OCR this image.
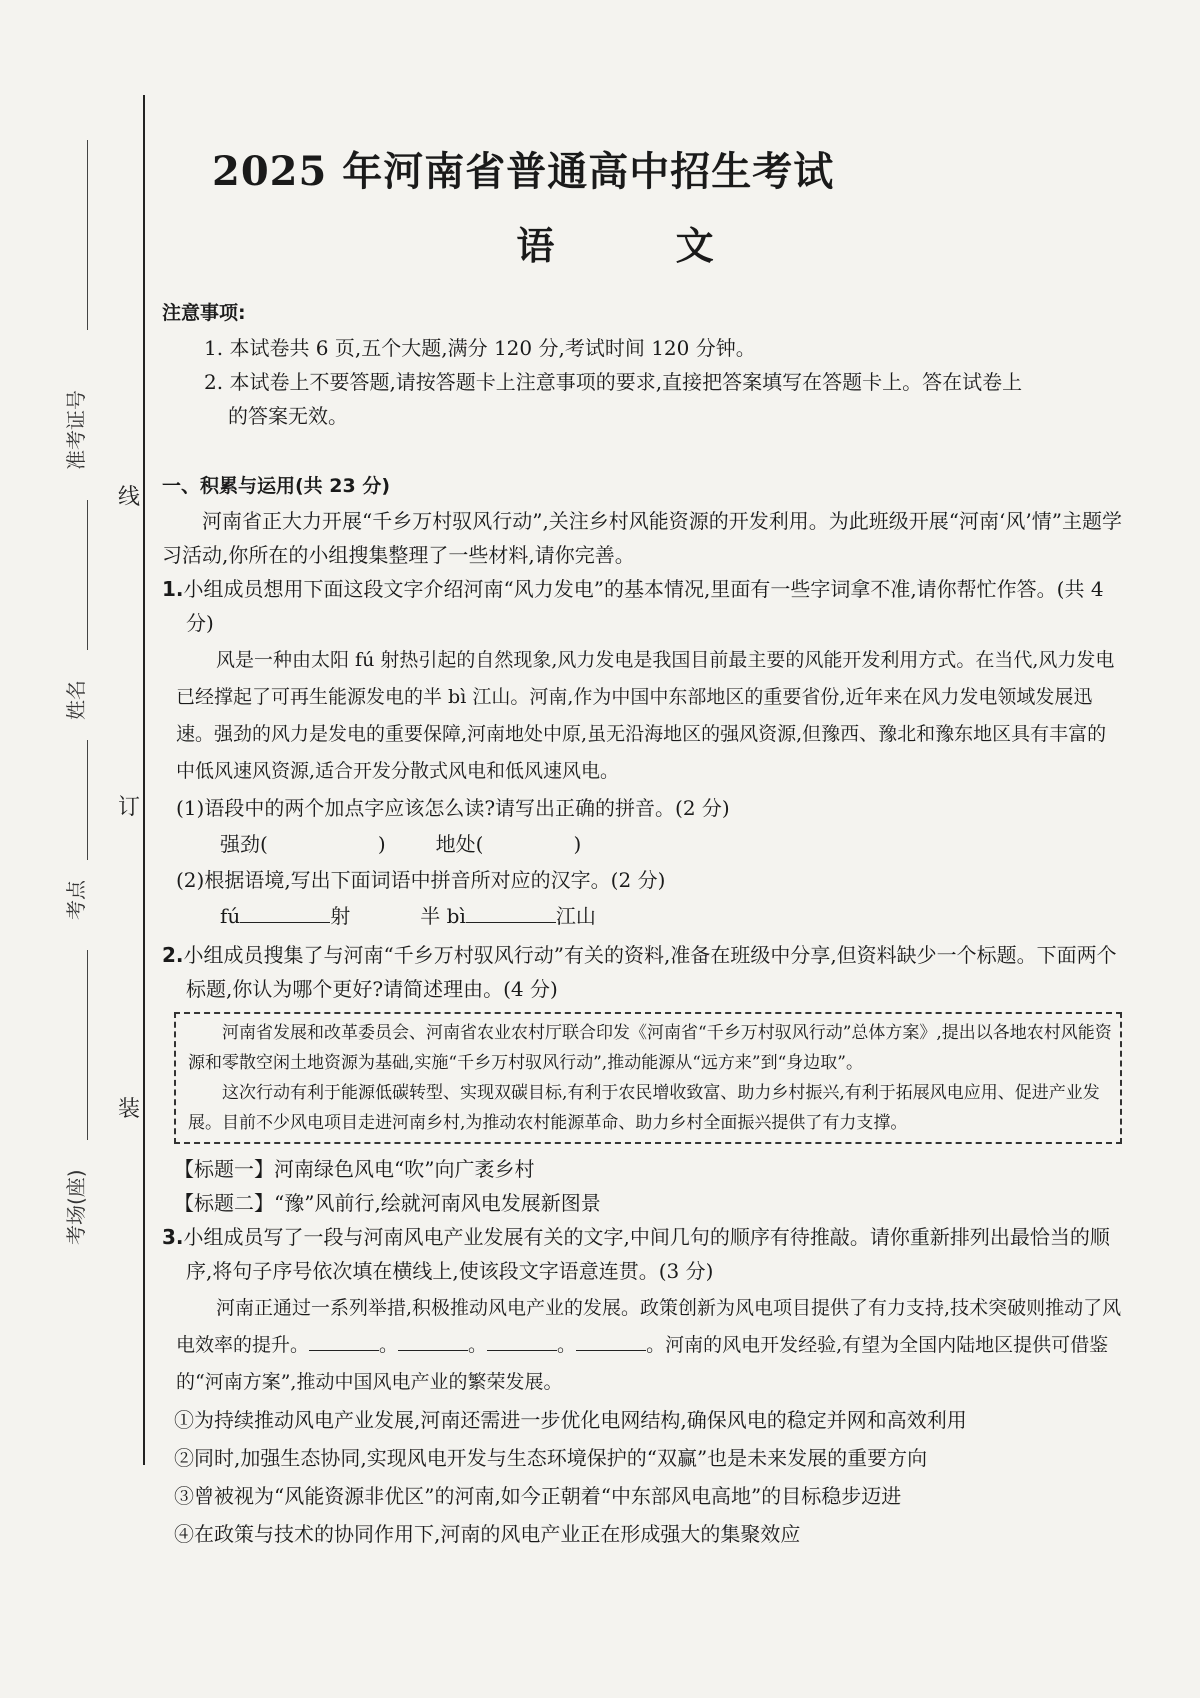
准考证号
姓名
考点
考场(座)
线
订
装
2025 年河南省普通高中招生考试
语 文
注意事项:

1. 本试卷共 6 页,五个大题,满分 120 分,考试时间 120 分钟。

2. 本试卷上不要答题,请按答题卡上注意事项的要求,直接把答案填写在答题卡上。答在试卷上

的答案无效。

一、积累与运用(共 23 分)

河南省正大力开展“千乡万村驭风行动”,关注乡村风能资源的开发利用。为此班级开展“河南‘风’情”主题学习活动,你所在的小组搜集整理了一些材料,请你完善。

1.小组成员想用下面这段文字介绍河南“风力发电”的基本情况,里面有一些字词拿不准,请你帮忙作答。(共 4 分)

风是一种由太阳 fú 射热引起的自然现象,风力发电是我国目前最主要的风能开发利用方式。在当代,风力发电已经撑起了可再生能源发电的半 bì 江山。河南,作为中国中东部地区的重要省份,近年来在风力发电领域发展迅速。强劲的风力是发电的重要保障,河南地处中原,虽无沿海地区的强风资源,但豫西、豫北和豫东地区具有丰富的中低风速风资源,适合开发分散式风电和低风速风电。

(1)语段中的两个加点字应该怎么读?请写出正确的拼音。(2 分)

强劲(	)	地处(	)

(2)根据语境,写出下面词语中拼音所对应的汉字。(2 分)

fú	射	半 bì	江山

2.小组成员搜集了与河南“千乡万村驭风行动”有关的资料,准备在班级中分享,但资料缺少一个标题。下面两个标题,你认为哪个更好?请简述理由。(4 分)

河南省发展和改革委员会、河南省农业农村厅联合印发《河南省“千乡万村驭风行动”总体方案》,提出以各地农村风能资源和零散空闲土地资源为基础,实施“千乡万村驭风行动”,推动能源从“远方来”到“身边取”。

这次行动有利于能源低碳转型、实现双碳目标,有利于农民增收致富、助力乡村振兴,有利于拓展风电应用、促进产业发展。目前不少风电项目走进河南乡村,为推动农村能源革命、助力乡村全面振兴提供了有力支撑。

【标题一】河南绿色风电“吹”向广袤乡村

【标题二】“豫”风前行,绘就河南风电发展新图景

3.小组成员写了一段与河南风电产业发展有关的文字,中间几句的顺序有待推敲。请你重新排列出最恰当的顺序,将句子序号依次填在横线上,使该段文字语意连贯。(3 分)

河南正通过一系列举措,积极推动风电产业的发展。政策创新为风电项目提供了有力支持,技术突破则推动了风电效率的提升。	。	。	。	。河南的风电开发经验,有望为全国内陆地区提供可借鉴的“河南方案”,推动中国风电产业的繁荣发展。

①为持续推动风电产业发展,河南还需进一步优化电网结构,确保风电的稳定并网和高效利用

②同时,加强生态协同,实现风电开发与生态环境保护的“双赢”也是未来发展的重要方向

③曾被视为“风能资源非优区”的河南,如今正朝着“中东部风电高地”的目标稳步迈进

④在政策与技术的协同作用下,河南的风电产业正在形成强大的集聚效应
